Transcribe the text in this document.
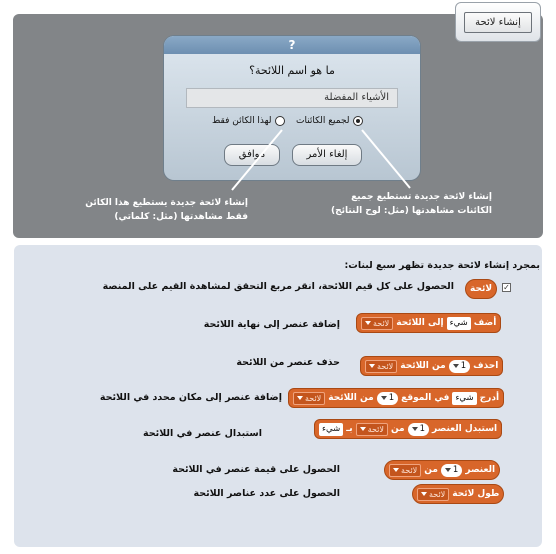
إنشاء لائحة
?
ما هو اسم اللائحة؟
الأشياء المفضلة
لجميع الكائنات
لهذا الكائن فقط
موافق	إلغاء الأمر
إنشاء لائحة جديدة يستطيع هذا الكائن
فقط مشاهدتها (مثل: كلماتي)
إنشاء لائحة جديدة تستطيع جميع
الكائنات مشاهدتها (مثل: لوح النتائج)
بمجرد إنشاء لائحة جديدة تظهر سبع لبنات:
✓
لائحة
الحصول على كل قيم اللائحة، انقر مربع التحقق لمشاهدة القيم على المنصة
أضف
شيء
إلى اللائحة
لائحة
إضافة عنصر إلى نهاية اللائحة
احذف
1
من اللائحة
لائحة
حذف عنصر من اللائحة
أدرج
شيء
في الموقع
1
من اللائحة
لائحة
إضافة عنصر إلى مكان محدد في اللائحة
استبدل العنصر
1
من
لائحة
بـ
شيء
استبدال عنصر في اللائحة
العنصر
1
من
لائحة
الحصول على قيمة عنصر في اللائحة
طول لائحة
لائحة
الحصول على عدد عناصر اللائحة
